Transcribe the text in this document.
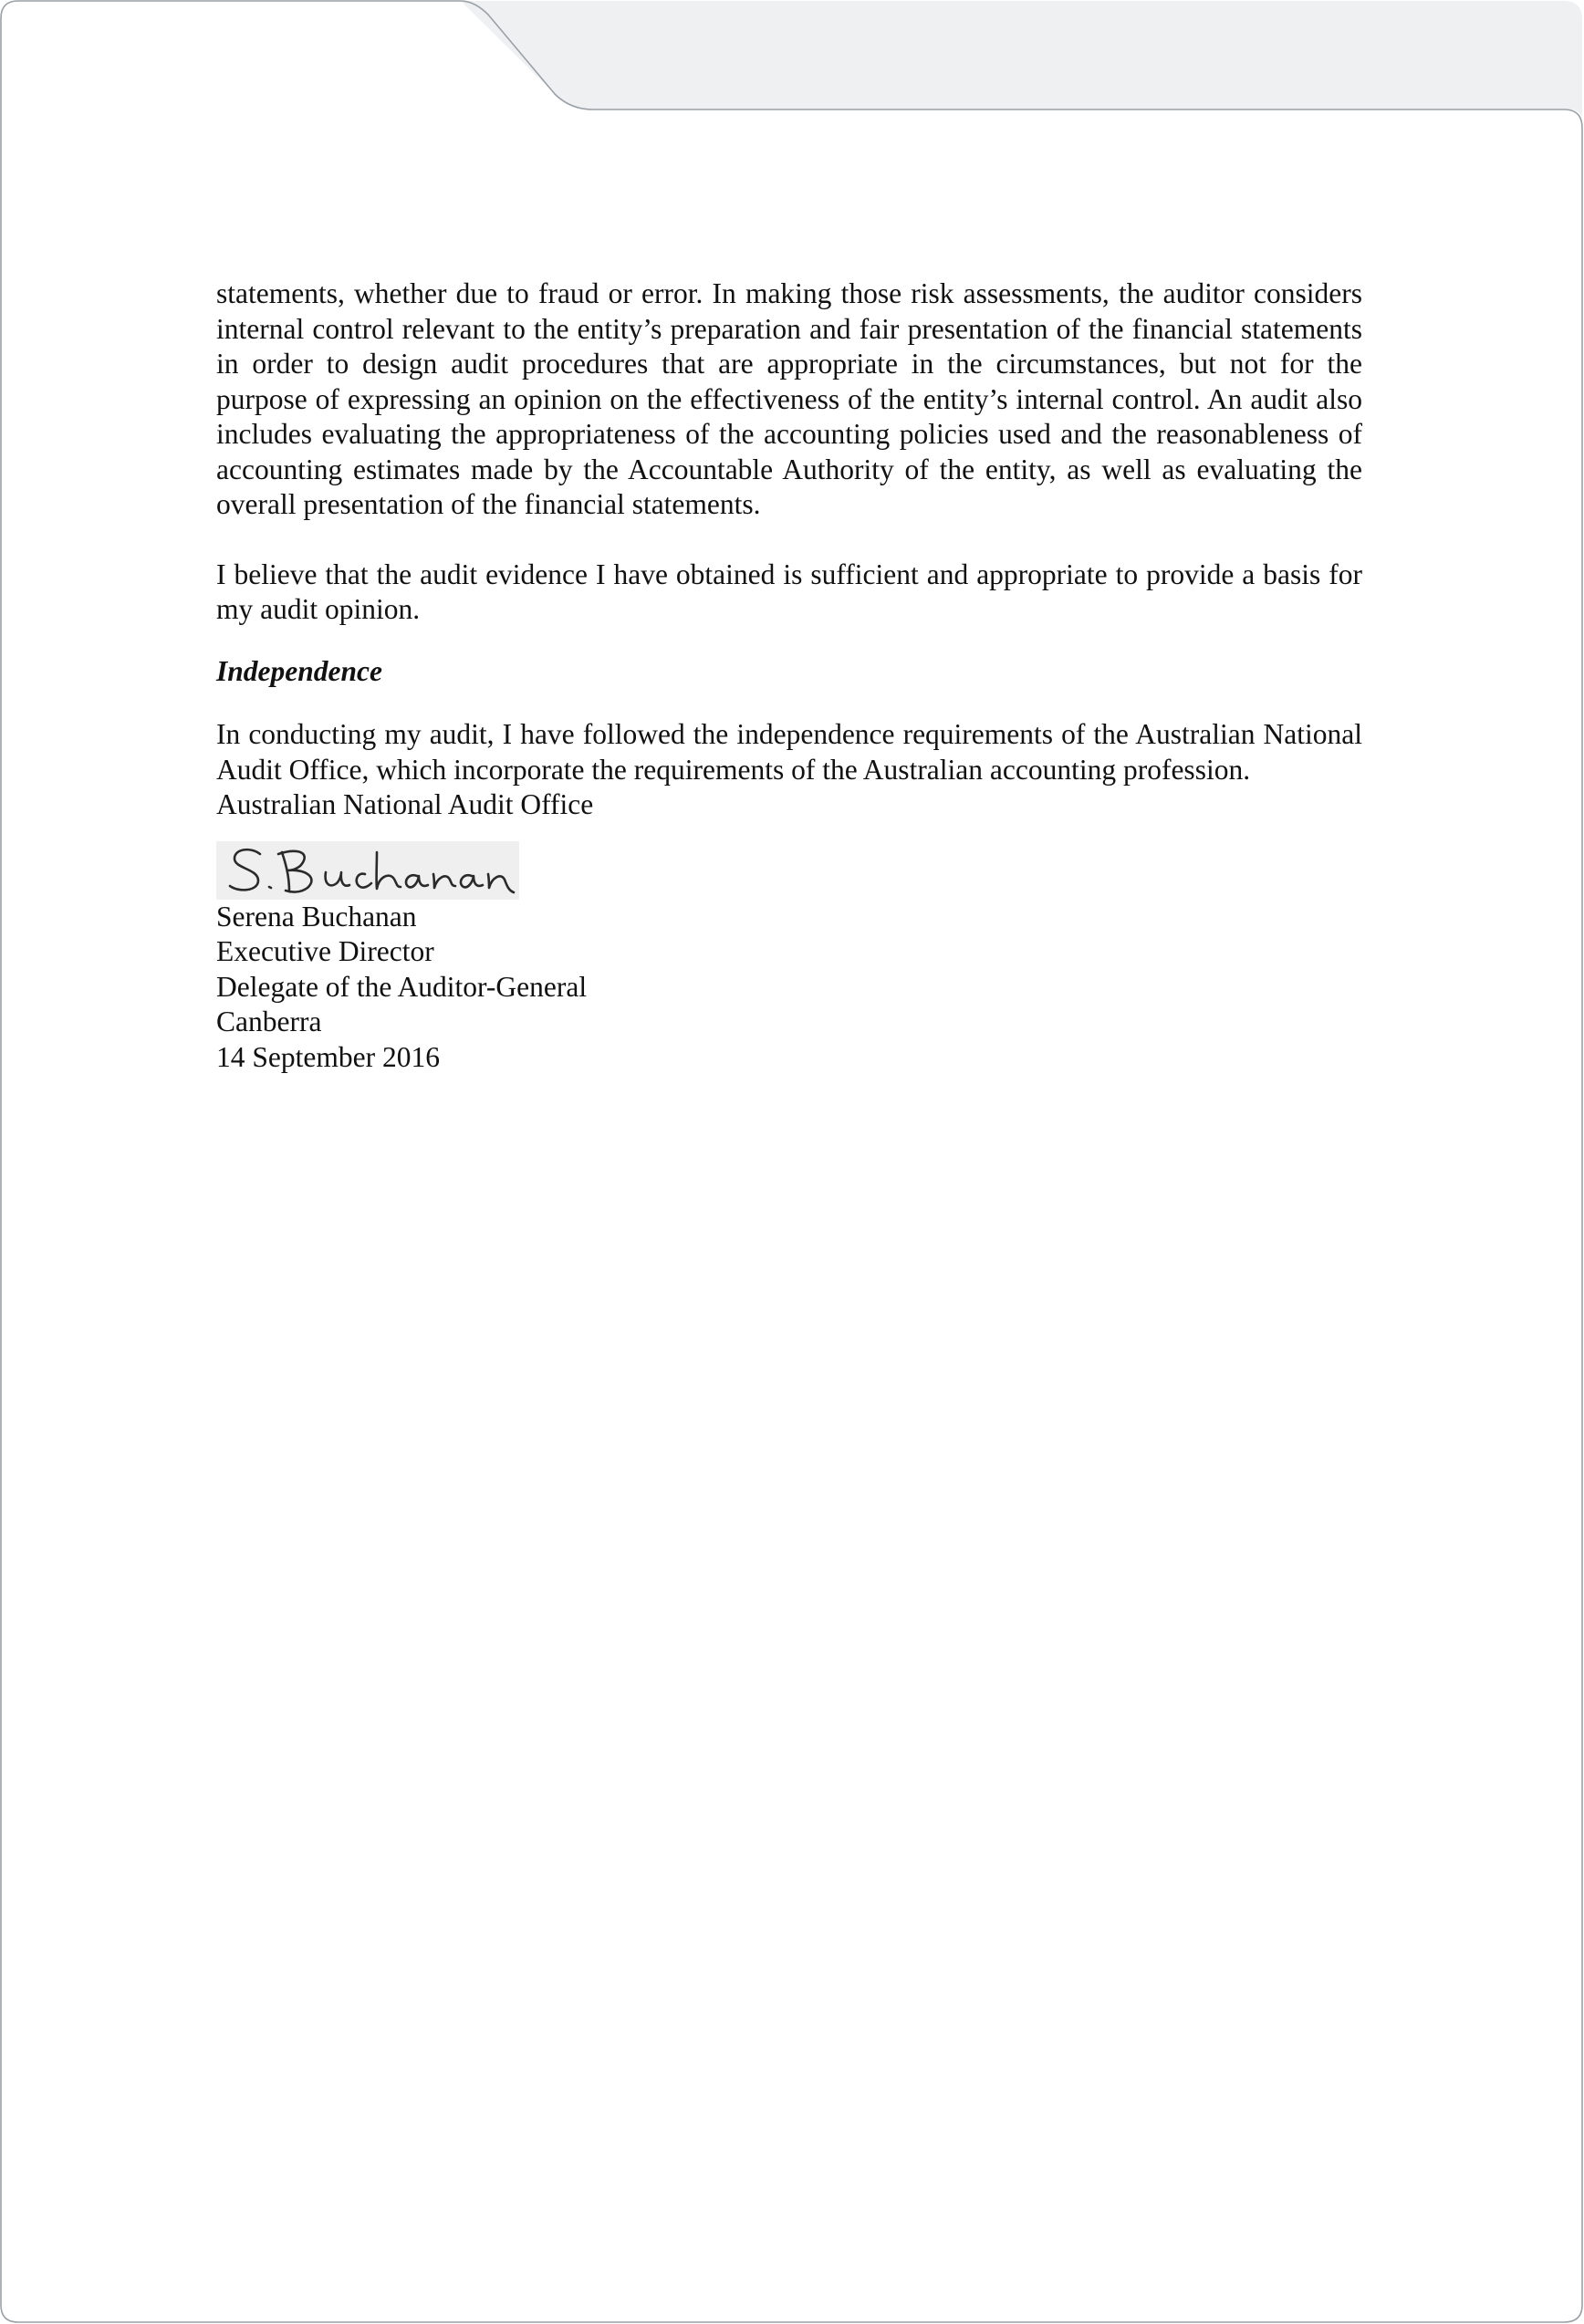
statements, whether due to fraud or error. In making those risk assessments, the auditor considers internal control relevant to the entity’s preparation and fair presentation of the financial statements in order to design audit procedures that are appropriate in the circumstances, but not for the purpose of expressing an opinion on the effectiveness of the entity’s internal control. An audit also includes evaluating the appropriateness of the accounting policies used and the reasonableness of accounting estimates made by the Accountable Authority of the entity, as well as evaluating the overall presentation of the financial statements.

I believe that the audit evidence I have obtained is sufficient and appropriate to provide a basis for my audit opinion.

Independence

In conducting my audit, I have followed the independence requirements of the Australian National Audit Office, which incorporate the requirements of the Australian accounting profession.

Australian National Audit Office

Serena Buchanan

Executive Director

Delegate of the Auditor-General

Canberra

14 September 2016
